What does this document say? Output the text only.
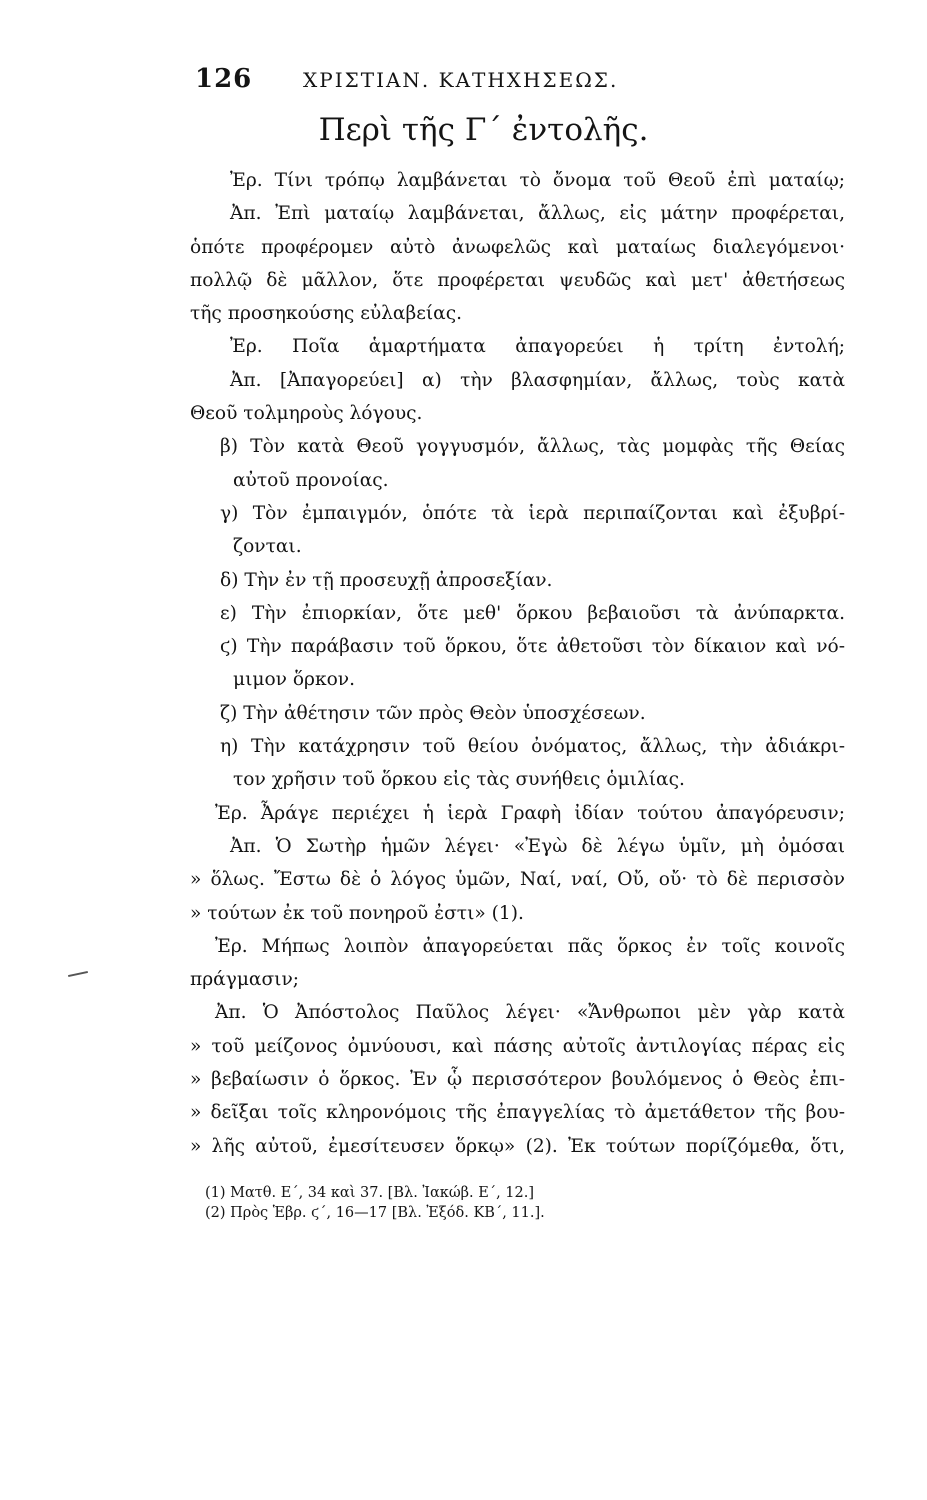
126	ΧΡΙΣΤΙΑΝ. ΚΑΤΗΧΗΣΕΩΣ.
Περὶ τῆς Γ΄ ἐντολῆς.
Ἐρ. Τίνι τρόπῳ λαμβάνεται τὸ ὄνομα τοῦ Θεοῦ ἐπὶ ματαίῳ;
Ἀπ. Ἐπὶ ματαίῳ λαμβάνεται, ἄλλως, εἰς μάτην προφέρεται,
ὁπότε προφέρομεν αὐτὸ ἀνωφελῶς καὶ ματαίως διαλεγόμενοι·
πολλῷ δὲ μᾶλλον, ὅτε προφέρεται ψευδῶς καὶ μετ' ἀθετήσεως
τῆς προσηκούσης εὐλαβείας.
Ἐρ. Ποῖα ἁμαρτήματα ἀπαγορεύει ἡ τρίτη ἐντολή;
Ἀπ. [Ἀπαγορεύει] α) τὴν βλασφημίαν, ἄλλως, τοὺς κατὰ
Θεοῦ τολμηροὺς λόγους.
β) Τὸν κατὰ Θεοῦ γογγυσμόν, ἄλλως, τὰς μομφὰς τῆς Θείας
αὐτοῦ προνοίας.
γ) Τὸν ἐμπαιγμόν, ὁπότε τὰ ἱερὰ περιπαίζονται καὶ ἐξυβρί-
ζονται.
δ) Τὴν ἐν τῇ προσευχῇ ἀπροσεξίαν.
ε) Τὴν ἐπιορκίαν, ὅτε μεθ' ὅρκου βεβαιοῦσι τὰ ἀνύπαρκτα.
ϛ) Τὴν παράβασιν τοῦ ὅρκου, ὅτε ἀθετοῦσι τὸν δίκαιον καὶ νό-
μιμον ὅρκον.
ζ) Τὴν ἀθέτησιν τῶν πρὸς Θεὸν ὑποσχέσεων.
η) Τὴν κατάχρησιν τοῦ θείου ὀνόματος, ἄλλως, τὴν ἀδιάκρι-
τον χρῆσιν τοῦ ὅρκου εἰς τὰς συνήθεις ὁμιλίας.
Ἐρ. Ἆράγε περιέχει ἡ ἱερὰ Γραφὴ ἰδίαν τούτου ἀπαγόρευσιν;
Ἀπ. Ὁ Σωτὴρ ἡμῶν λέγει· «Ἐγὼ δὲ λέγω ὑμῖν, μὴ ὀμόσαι
» ὅλως. Ἔστω δὲ ὁ λόγος ὑμῶν, Ναί, ναί, Οὔ, οὔ· τὸ δὲ περισσὸν
» τούτων ἐκ τοῦ πονηροῦ ἐστι» (1).
Ἐρ. Μήπως λοιπὸν ἀπαγορεύεται πᾶς ὅρκος ἐν τοῖς κοινοῖς
πράγμασιν;
Ἀπ. Ὁ Ἀπόστολος Παῦλος λέγει· «Ἄνθρωποι μὲν γὰρ κατὰ
» τοῦ μείζονος ὀμνύουσι, καὶ πάσης αὐτοῖς ἀντιλογίας πέρας εἰς
» βεβαίωσιν ὁ ὅρκος. Ἐν ᾧ περισσότερον βουλόμενος ὁ Θεὸς ἐπι-
» δεῖξαι τοῖς κληρονόμοις τῆς ἐπαγγελίας τὸ ἀμετάθετον τῆς βου-
» λῆς αὐτοῦ, ἐμεσίτευσεν ὅρκῳ» (2). Ἐκ τούτων πορίζόμεθα, ὅτι,
(1) Ματθ. Ε΄, 34 καὶ 37. [Βλ. Ἰακώβ. Ε΄, 12.]
(2) Πρὸς Ἑβρ. ϛ΄, 16—17 [Βλ. Ἐξόδ. ΚΒ΄, 11.].
